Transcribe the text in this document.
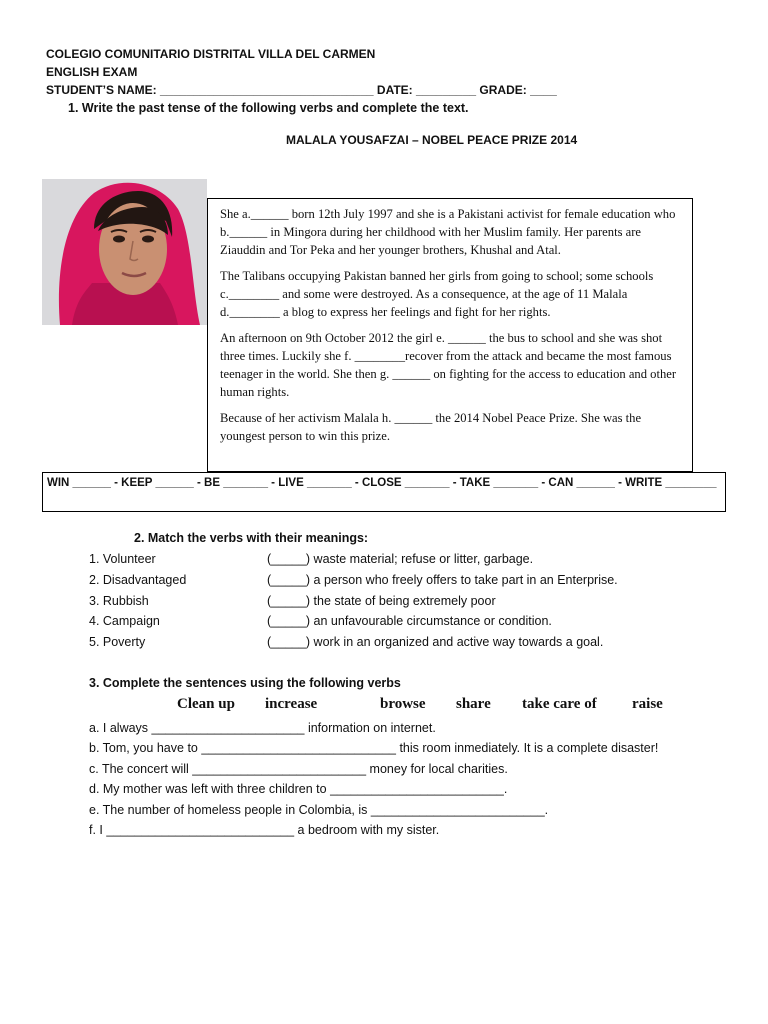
COLEGIO COMUNITARIO DISTRITAL VILLA DEL CARMEN
ENGLISH EXAM
STUDENT’S NAME: ________________________________ DATE: _________ GRADE: ____
1. Write the past tense of the following verbs and complete the text.
MALALA YOUSAFZAI – NOBEL PEACE PRIZE 2014

She a.______ born 12th July 1997 and she is a Pakistani activist for female education who b.______ in Mingora during her childhood with her Muslim family. Her parents are Ziauddin and Tor Peka and her younger brothers, Khushal and Atal.

The Talibans occupying Pakistan banned her girls from going to school; some schools c.________ and some were destroyed. As a consequence, at the age of 11 Malala d.________ a blog to express her feelings and fight for her rights.

An afternoon on 9th October 2012 the girl e. ______ the bus to school and she was shot three times. Luckily she f. ________recover from the attack and became the most famous teenager in the world. She then g. ______ on fighting for the access to education and other human rights.

Because of her activism Malala h. ______ the 2014 Nobel Peace Prize. She was the youngest person to win this prize.

WIN ______ - KEEP ______ - BE _______ - LIVE _______ - CLOSE _______ - TAKE _______ - CAN ______ - WRITE ________
2. Match the verbs with their meanings:
1. Volunteer	(_____) waste material; refuse or litter, garbage.
2. Disadvantaged	(_____) a person who freely offers to take part in an Enterprise.
3. Rubbish	(_____) the state of being extremely poor
4. Campaign	(_____) an unfavourable circumstance or condition.
5. Poverty	(_____) work in an organized and active way towards a goal.
3. Complete the sentences using the following verbs
Clean up increase	browse share take care of raise
a. I always ______________________ information on internet.
b. Tom, you have to ____________________________ this room inmediately. It is a complete disaster!
c. The concert will _________________________ money for local charities.
d. My mother was left with three children to _________________________.
e. The number of homeless people in Colombia, is _________________________.
f. I ___________________________ a bedroom with my sister.
